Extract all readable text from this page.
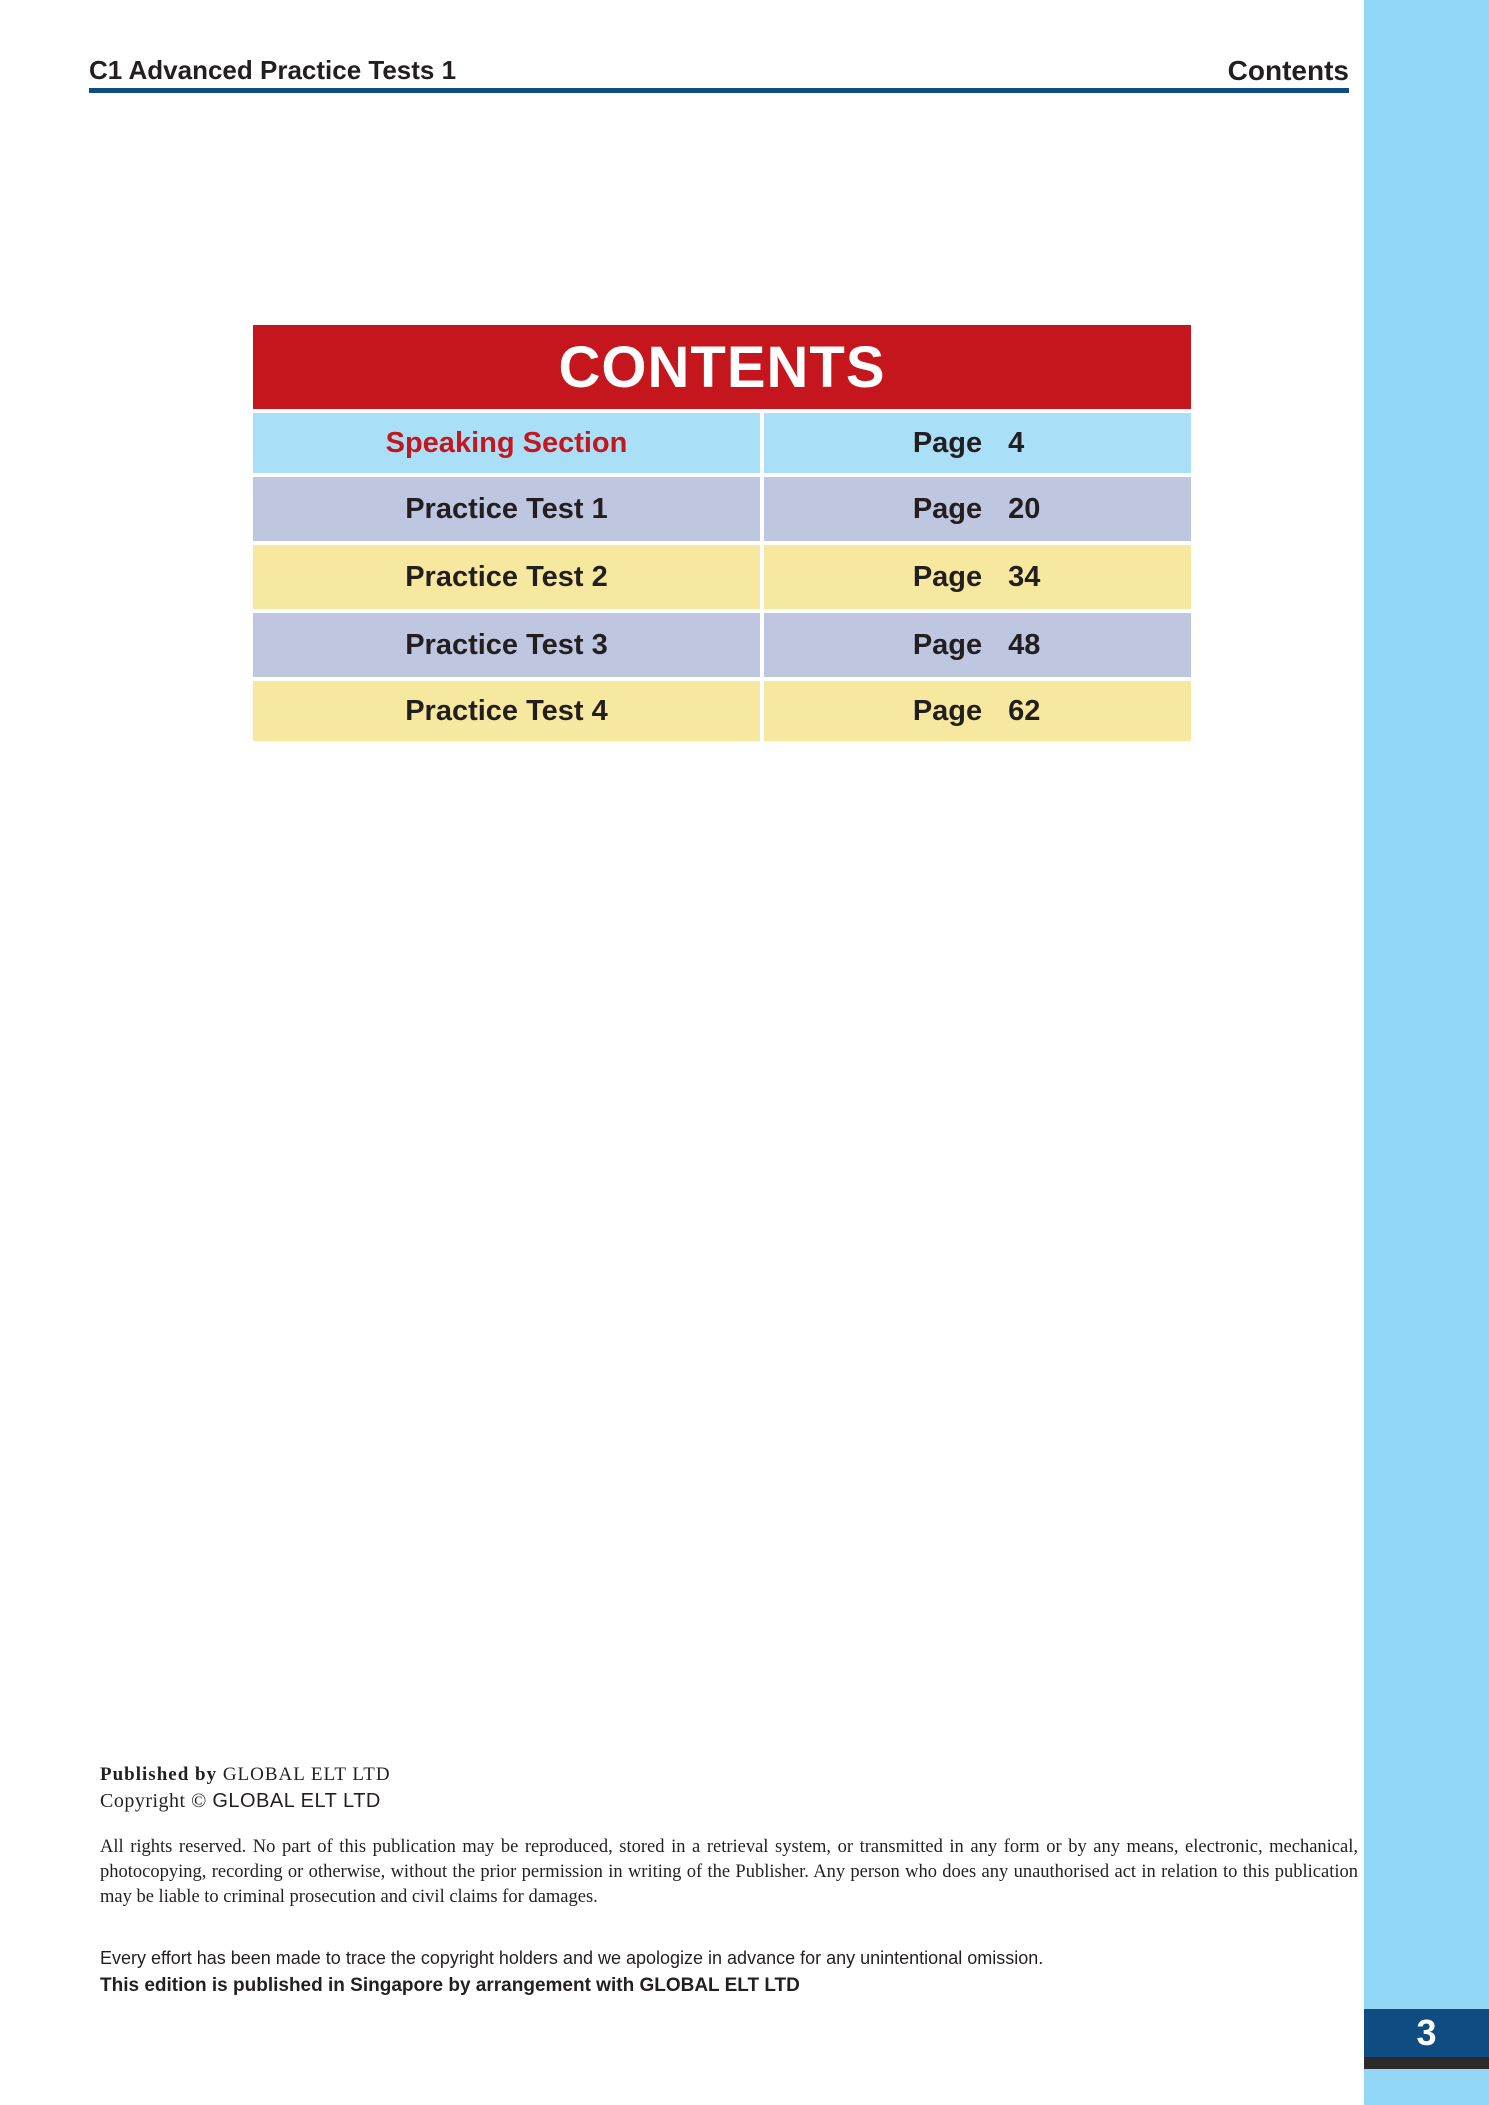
3
C1 Advanced Practice Tests 1	Contents
CONTENTS
Speaking Section	Page 4
Practice Test 1	Page 20
Practice Test 2	Page 34
Practice Test 3	Page 48
Practice Test 4	Page 62
Published by GLOBAL ELT LTD
Copyright © GLOBAL ELT LTD

All rights reserved. No part of this publication may be reproduced, stored in a retrieval system, or transmitted in any form or by any means, electronic, mechanical, photocopying, recording or otherwise, without the prior permission in writing of the Publisher. Any person who does any unauthorised act in relation to this publication may be liable to criminal prosecution and civil claims for damages.

Every effort has been made to trace the copyright holders and we apologize in advance for any unintentional omission.

This edition is published in Singapore by arrangement with GLOBAL ELT LTD
